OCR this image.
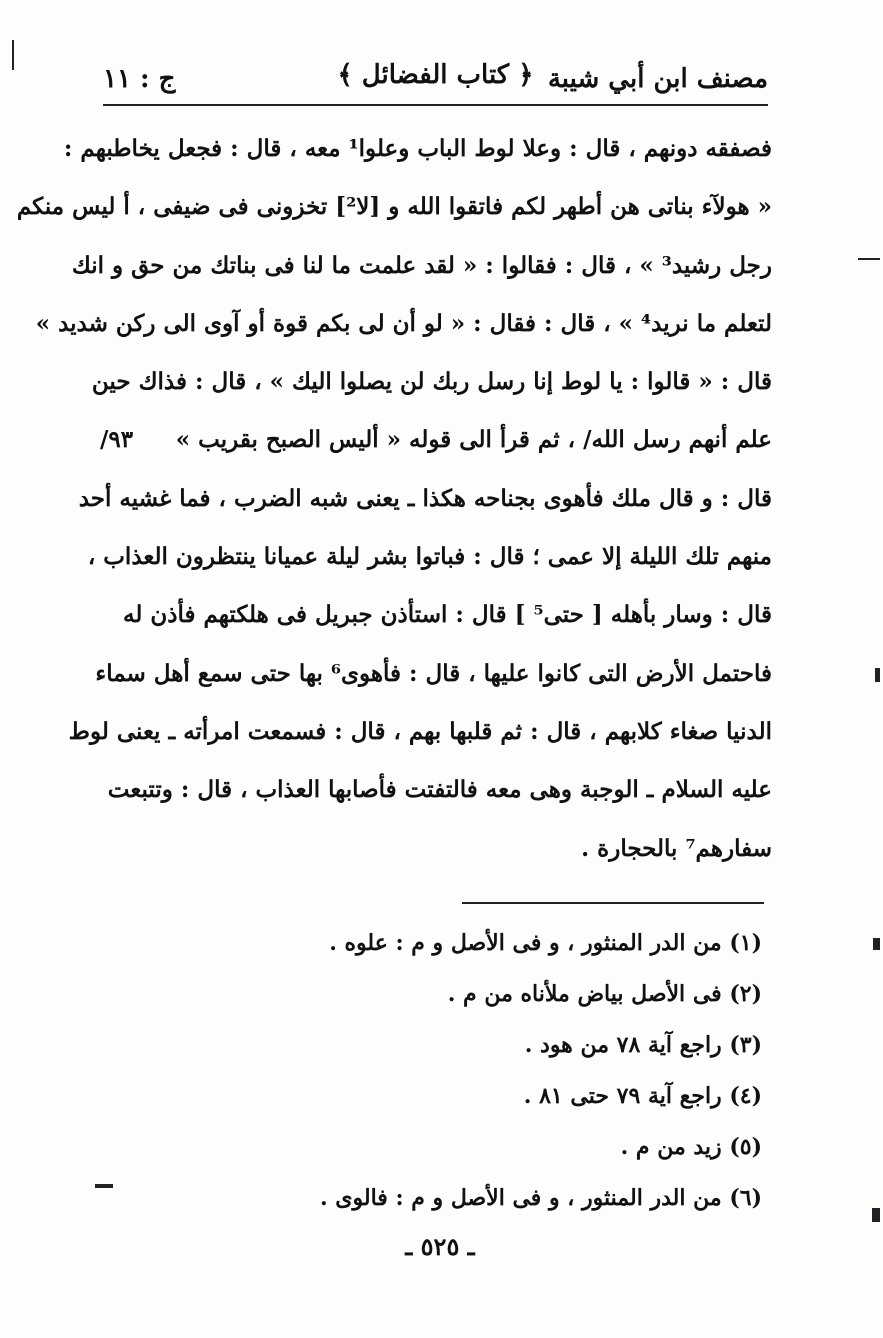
مصنف ابن أبي شيبة
﴿ كتاب الفضائل ﴾
ج : ١١
فصفقه دونهم ، قال : وعلا لوط الباب وعلوا¹ معه ، قال : فجعل يخاطبهم :
« هولآء بناتى هن أطهر لكم فاتقوا الله و [لا²] تخزونى فى ضيفى ، أ ليس منكم
رجل رشيد³ » ، قال : فقالوا : « لقد علمت ما لنا فى بناتك من حق و انك
لتعلم ما نريد⁴ » ، قال : فقال : « لو أن لى بكم قوة أو آوى الى ركن شديد »
قال : « قالوا : يا لوط إنا رسل ربك لن يصلوا اليك » ، قال : فذاك حين
علم أنهم رسل الله/ ، ثم قرأ الى قوله « أليس الصبح بقريب »
٩٣/
قال : و قال ملك فأهوى بجناحه هكذا ـ يعنى شبه الضرب ، فما غشيه أحد
منهم تلك الليلة إلا عمى ؛ قال : فباتوا بشر ليلة عميانا ينتظرون العذاب ،
قال : وسار بأهله [ حتى⁵ ] قال : استأذن جبريل فى هلكتهم فأذن له
فاحتمل الأرض التى كانوا عليها ، قال : فأهوى⁶ بها حتى سمع أهل سماء
الدنيا صغاء كلابهم ، قال : ثم قلبها بهم ، قال : فسمعت امرأته ـ يعنى لوط
عليه السلام ـ الوجبة وهى معه فالتفتت فأصابها العذاب ، قال : وتتبعت
سفارهم⁷ بالحجارة .
(١) من الدر المنثور ، و فى الأصل و م : علوه .
(٢) فى الأصل بياض ملأناه من م .
(٣) راجع آية ٧٨ من هود .
(٤) راجع آية ٧٩ حتى ٨١ .
(٥) زيد من م .
(٦) من الدر المنثور ، و فى الأصل و م : فالوى .
ـ ٥٢٥ ـ
